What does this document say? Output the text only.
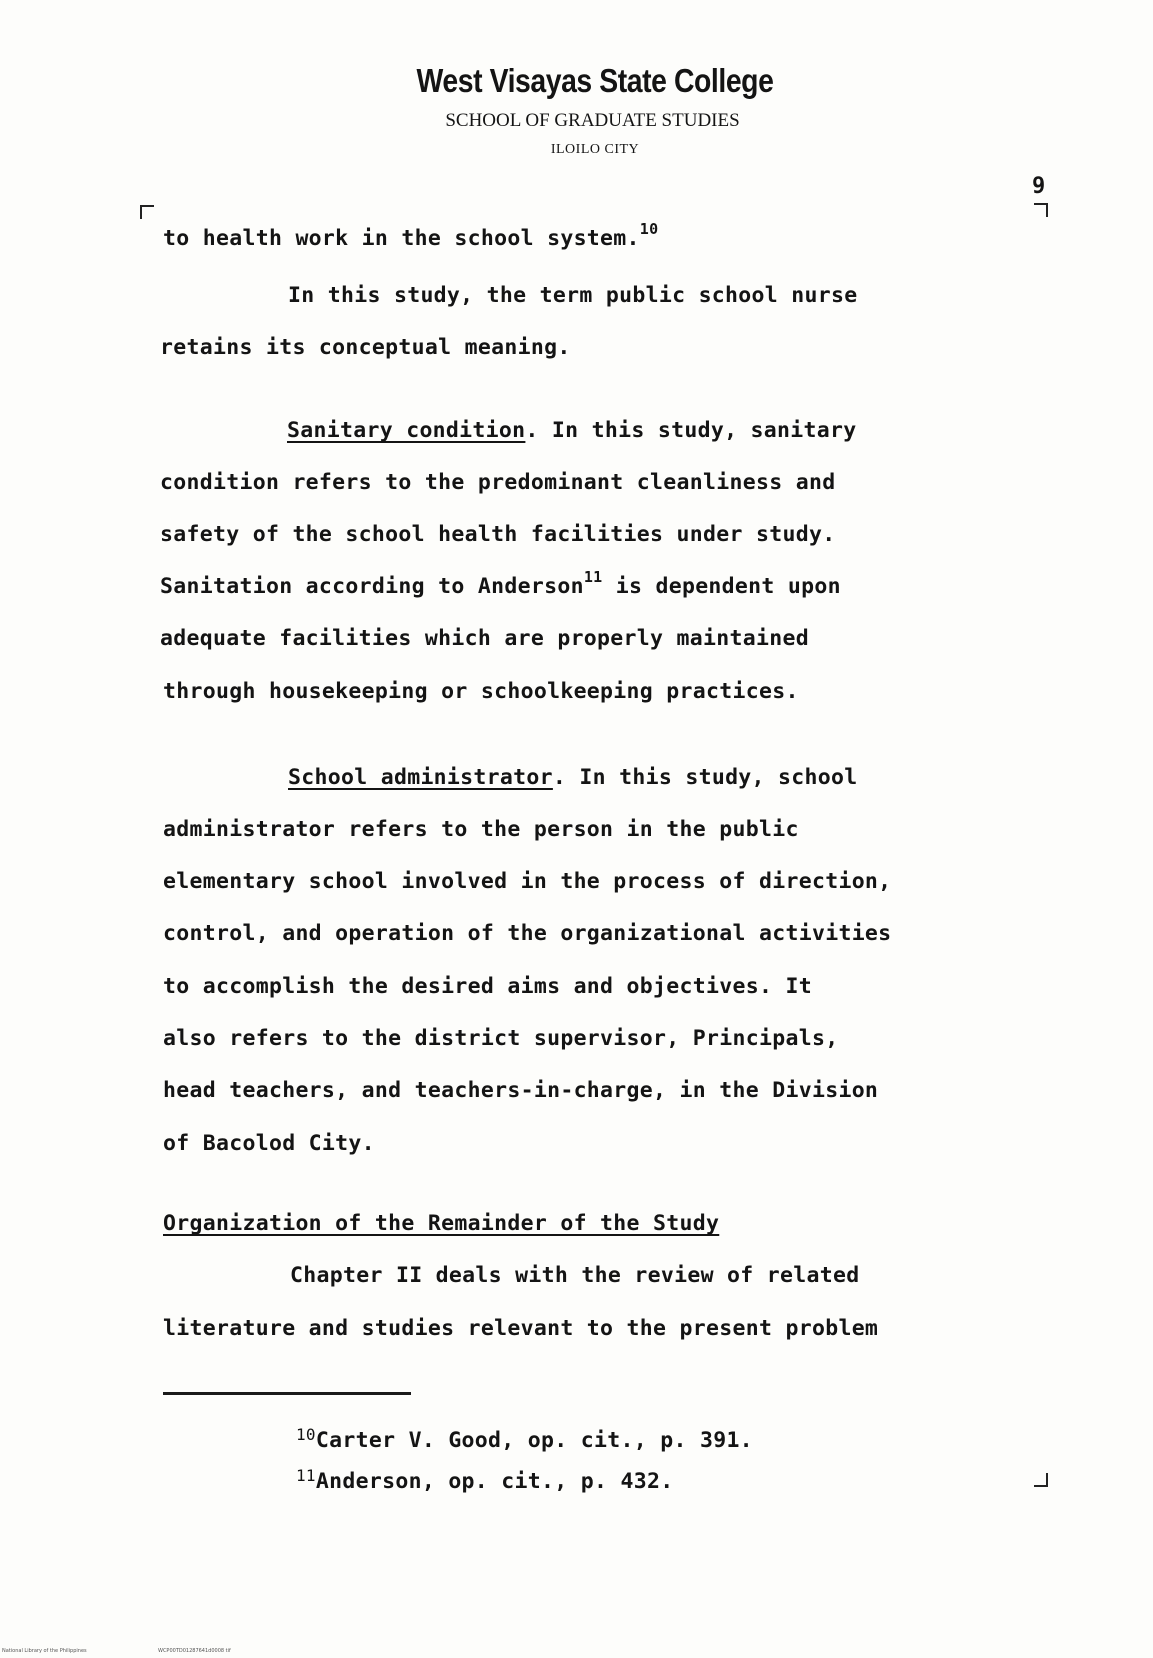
West Visayas State College
SCHOOL OF GRADUATE STUDIES
ILOILO CITY
9
to health work in the school system.$^{10}$
In this study, the term public school nurse
retains its conceptual meaning.
Sanitary condition. In this study, sanitary
condition refers to the predominant cleanliness and
safety of the school health facilities under study.
Sanitation according to Anderson$^{11}$ is dependent upon
adequate facilities which are properly maintained
through housekeeping or schoolkeeping practices.
School administrator. In this study, school
administrator refers to the person in the public
elementary school involved in the process of direction,
control, and operation of the organizational activities
to accomplish the desired aims and objectives. It
also refers to the district supervisor, Principals,
head teachers, and teachers-in-charge, in the Division
of Bacolod City.
Organization of the Remainder of the Study
Chapter II deals with the review of related
literature and studies relevant to the present problem
$^{10}$Carter V. Good, op. cit., p. 391.
$^{11}$Anderson, op. cit., p. 432.
National Library of the Philippines	WCP00TD01287641d0008 tif
